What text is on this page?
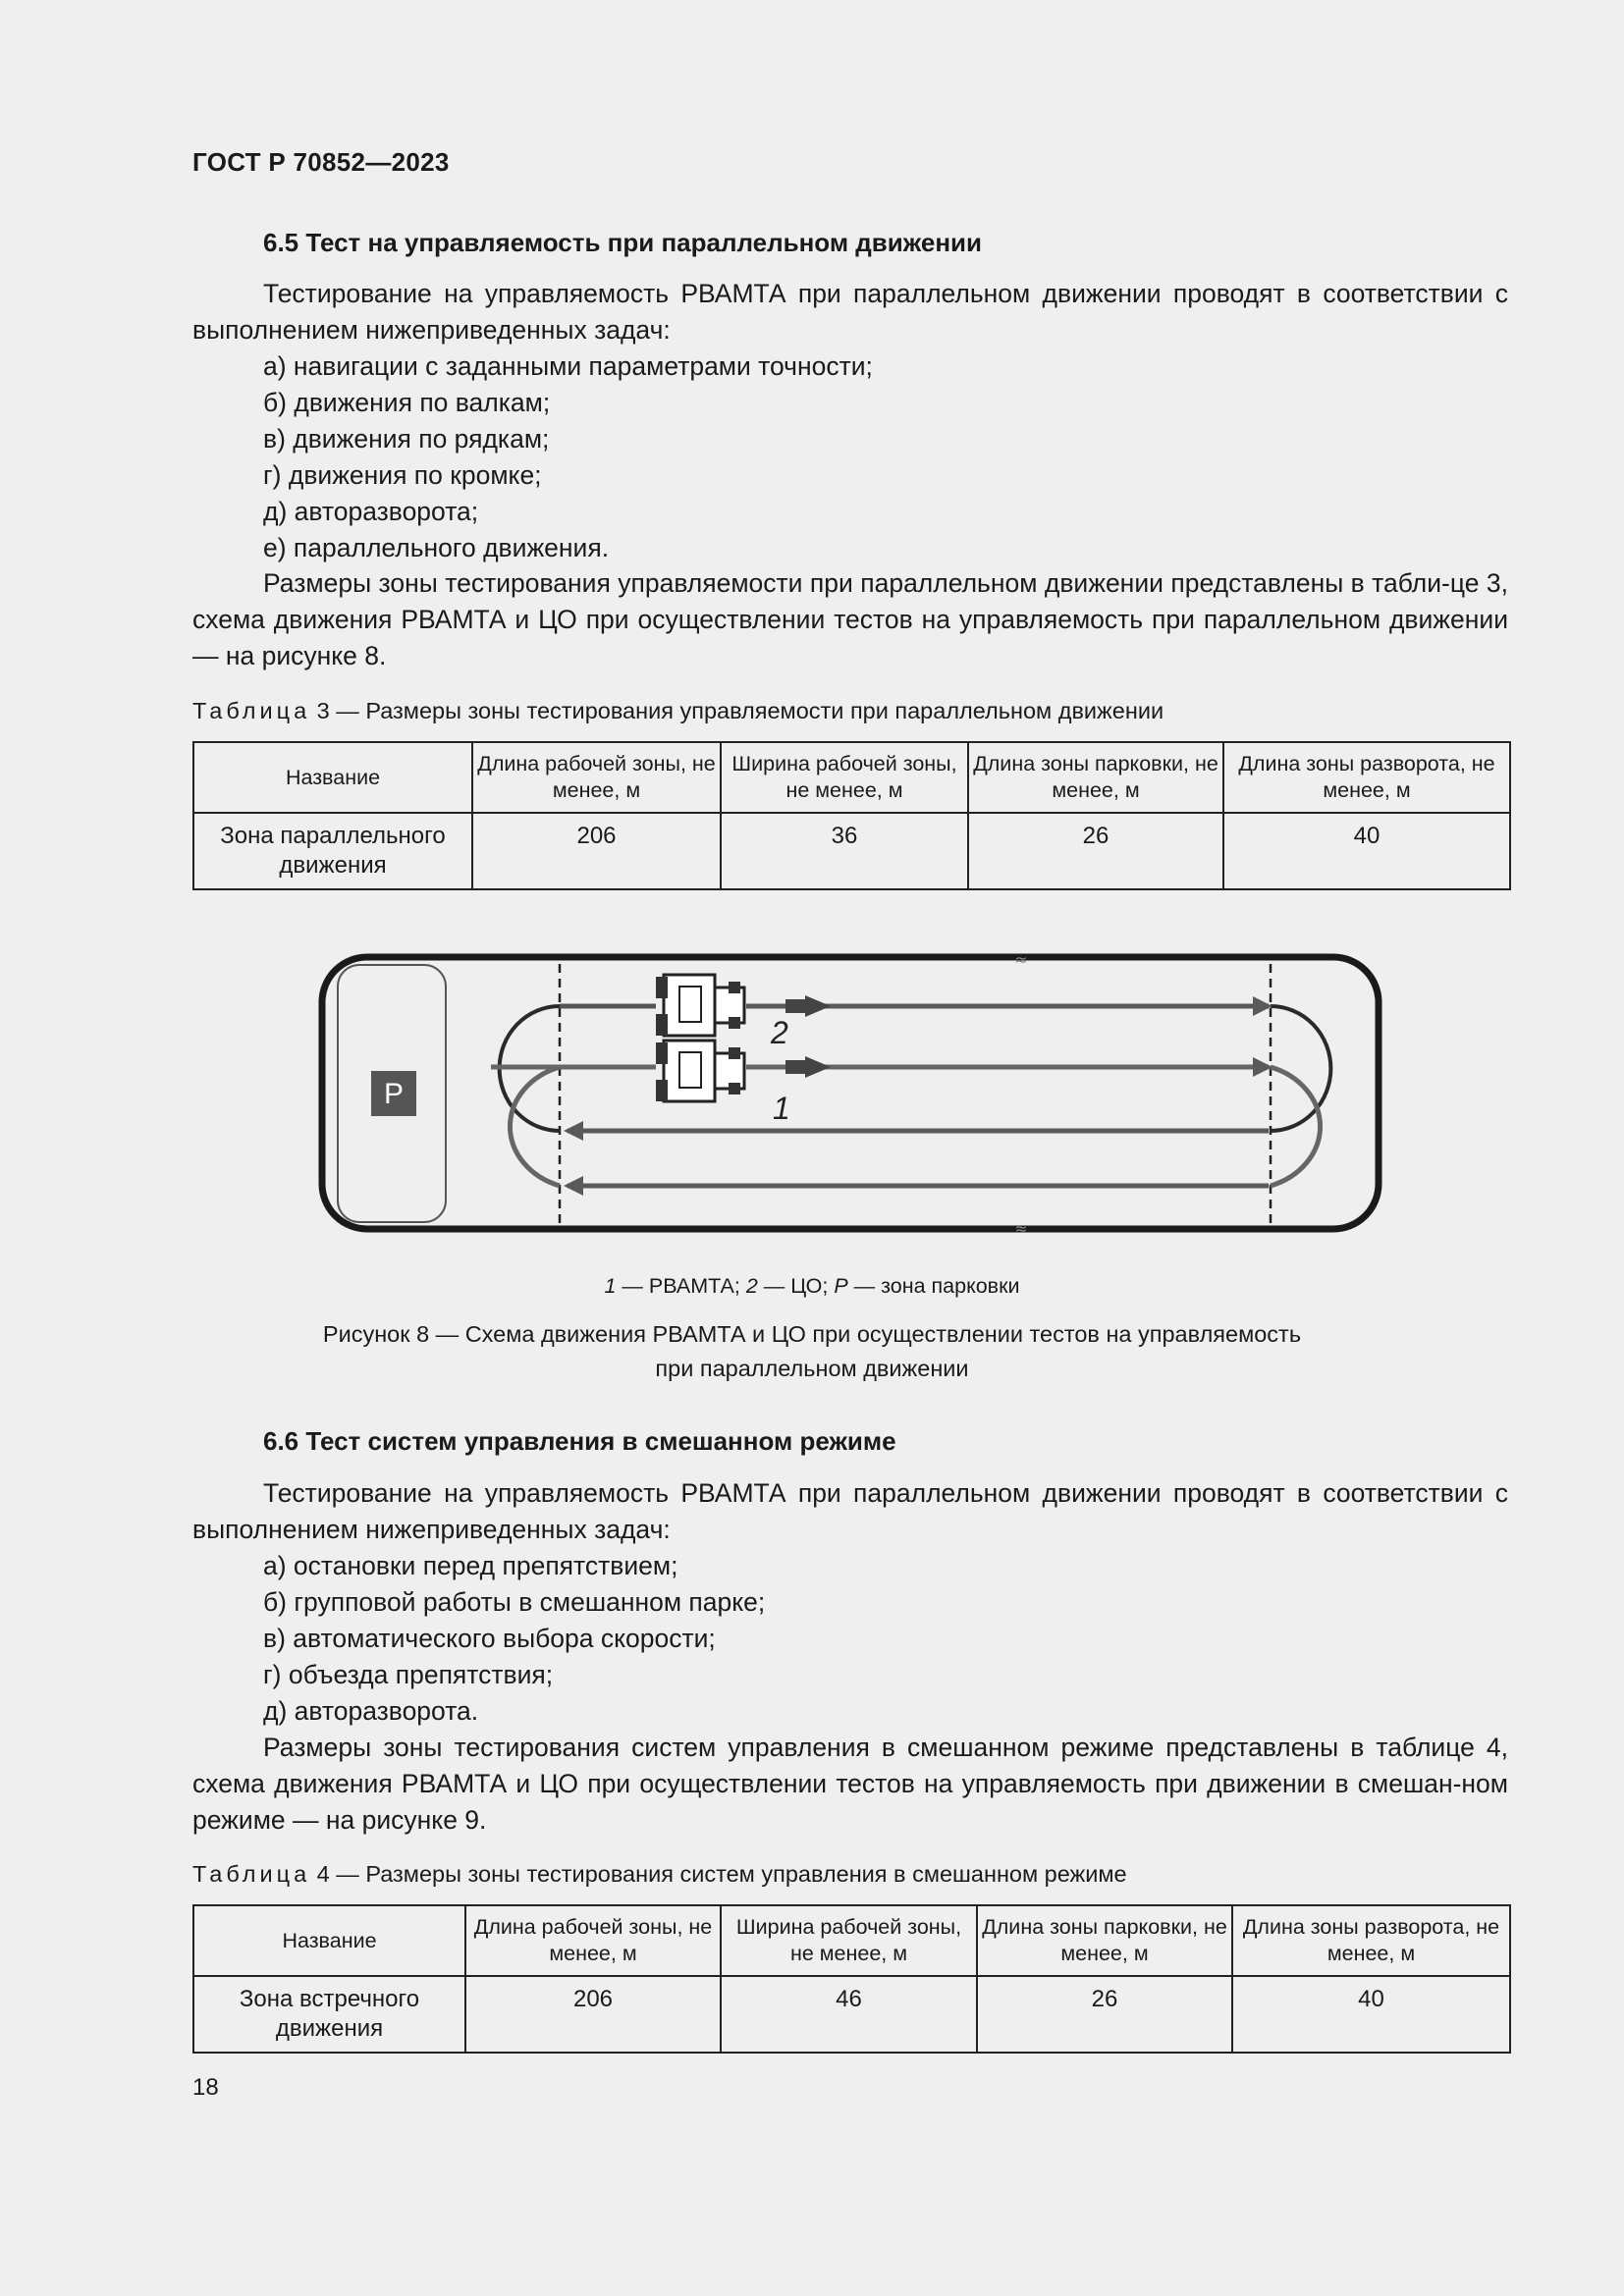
ГОСТ Р 70852—2023
6.5 Тест на управляемость при параллельном движении
Тестирование на управляемость РВАМТА при параллельном движении проводят в соответствии с выполнением нижеприведенных задач:
а) навигации с заданными параметрами точности;
б) движения по валкам;
в) движения по рядкам;
г) движения по кромке;
д) авторазворота;
е) параллельного движения.
Размеры зоны тестирования управляемости при параллельном движении представлены в табли-це 3, схема движения РВАМТА и ЦО при осуществлении тестов на управляемость при параллельном движении — на рисунке 8.
Таблица 3 — Размеры зоны тестирования управляемости при параллельном движении
Название	Длина рабочей зоны, не менее, м	Ширина рабочей зоны, не менее, м	Длина зоны парковки, не менее, м	Длина зоны разворота, не менее, м
Зона параллельного движения	206	36	26	40
P
2
1
≈
≈
1 — РВАМТА; 2 — ЦО; Р — зона парковки
Рисунок 8 — Схема движения РВАМТА и ЦО при осуществлении тестов на управляемость
при параллельном движении
6.6 Тест систем управления в смешанном режиме
Тестирование на управляемость РВАМТА при параллельном движении проводят в соответствии с выполнением нижеприведенных задач:
а) остановки перед препятствием;
б) групповой работы в смешанном парке;
в) автоматического выбора скорости;
г) объезда препятствия;
д) авторазворота.
Размеры зоны тестирования систем управления в смешанном режиме представлены в таблице 4, схема движения РВАМТА и ЦО при осуществлении тестов на управляемость при движении в смешан-ном режиме — на рисунке 9.
Таблица 4 — Размеры зоны тестирования систем управления в смешанном режиме
Название	Длина рабочей зоны, не менее, м	Ширина рабочей зоны, не менее, м	Длина зоны парковки, не менее, м	Длина зоны разворота, не менее, м
Зона встречного движения	206	46	26	40
18
